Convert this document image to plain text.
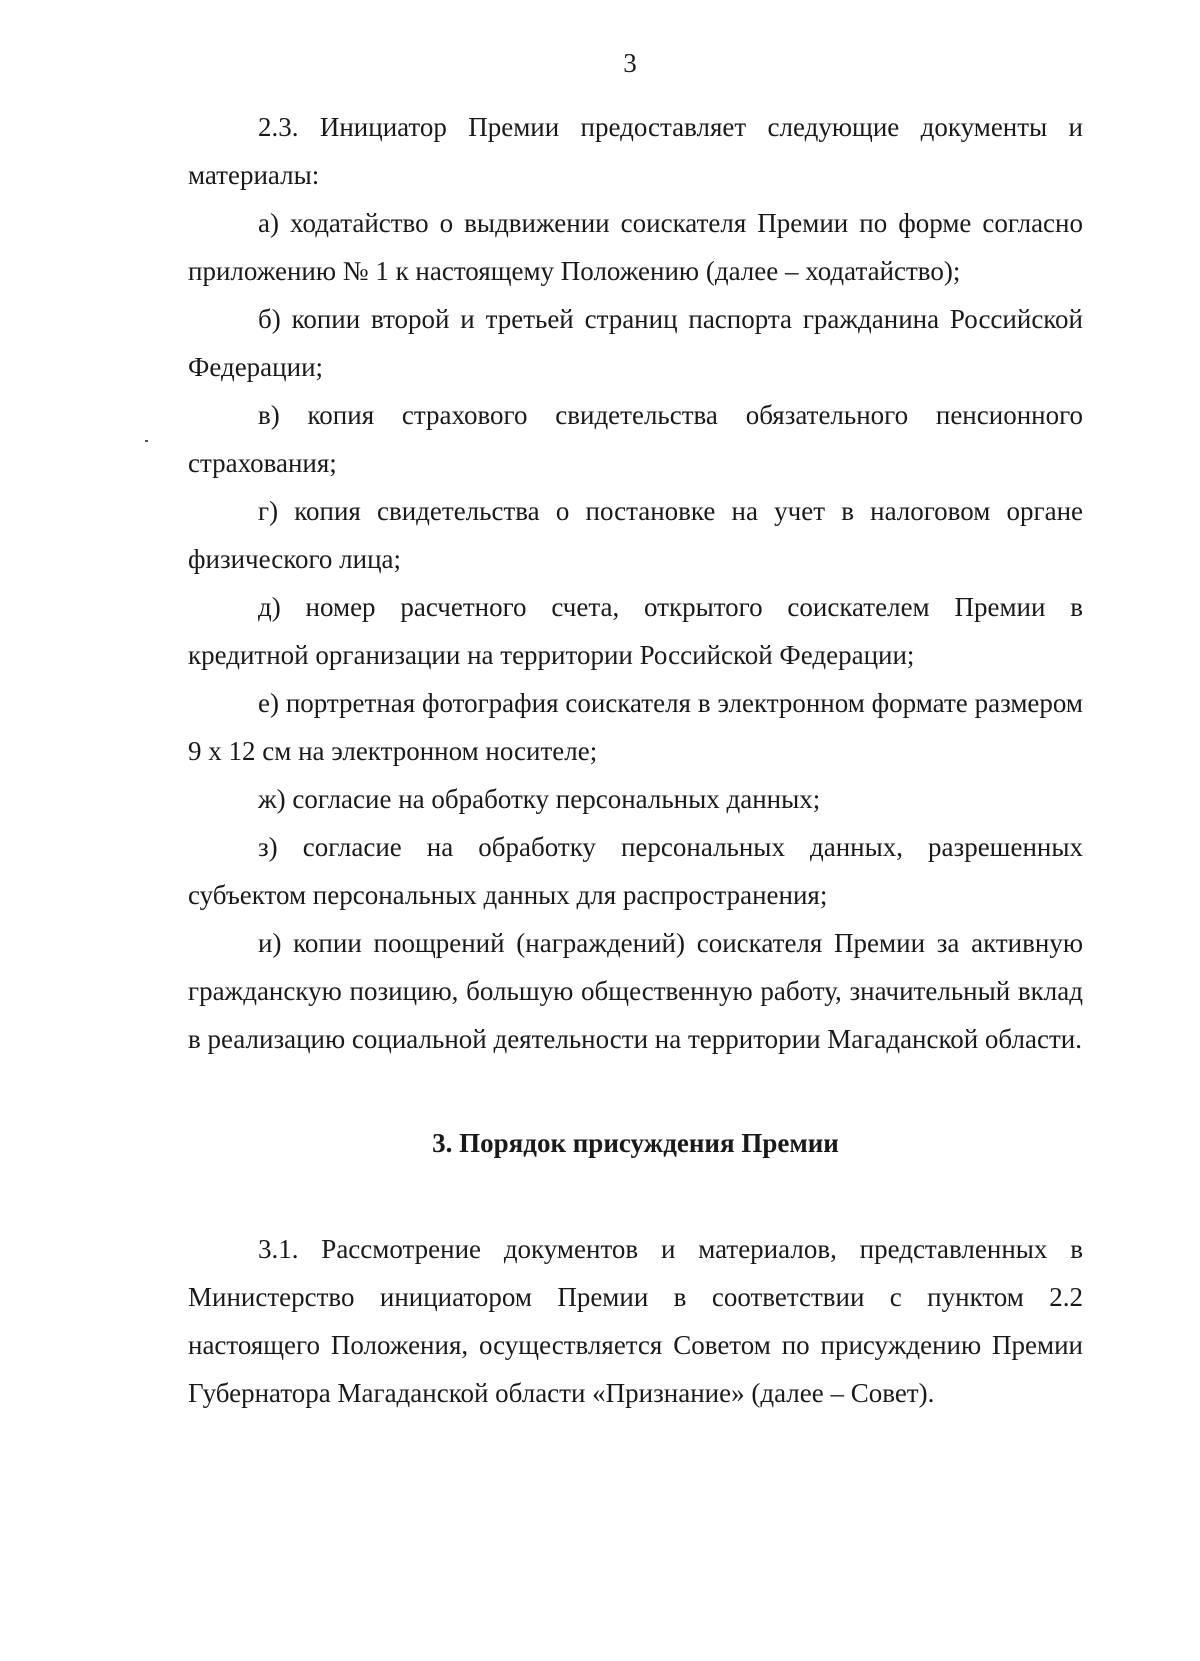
3

2.3. Инициатор Премии предоставляет следующие документы и материалы:

а) ходатайство о выдвижении соискателя Премии по форме согласно приложению № 1 к настоящему Положению (далее – ходатайство);

б) копии второй и третьей страниц паспорта гражданина Российской Федерации;

в) копия страхового свидетельства обязательного пенсионного страхования;

г) копия свидетельства о постановке на учет в налоговом органе физического лица;

д) номер расчетного счета, открытого соискателем Премии в кредитной организации на территории Российской Федерации;

е) портретная фотография соискателя в электронном формате размером 9 x 12 см на электронном носителе;

ж) согласие на обработку персональных данных;

з) согласие на обработку персональных данных, разрешенных субъектом персональных данных для распространения;

и) копии поощрений (награждений) соискателя Премии за активную гражданскую позицию, большую общественную работу, значительный вклад в реализацию социальной деятельности на территории Магаданской области.

3. Порядок присуждения Премии

3.1. Рассмотрение документов и материалов, представленных в Министерство инициатором Премии в соответствии с пунктом 2.2 настоящего Положения, осуществляется Советом по присуждению Премии Губернатора Магаданской области «Признание» (далее – Совет).
